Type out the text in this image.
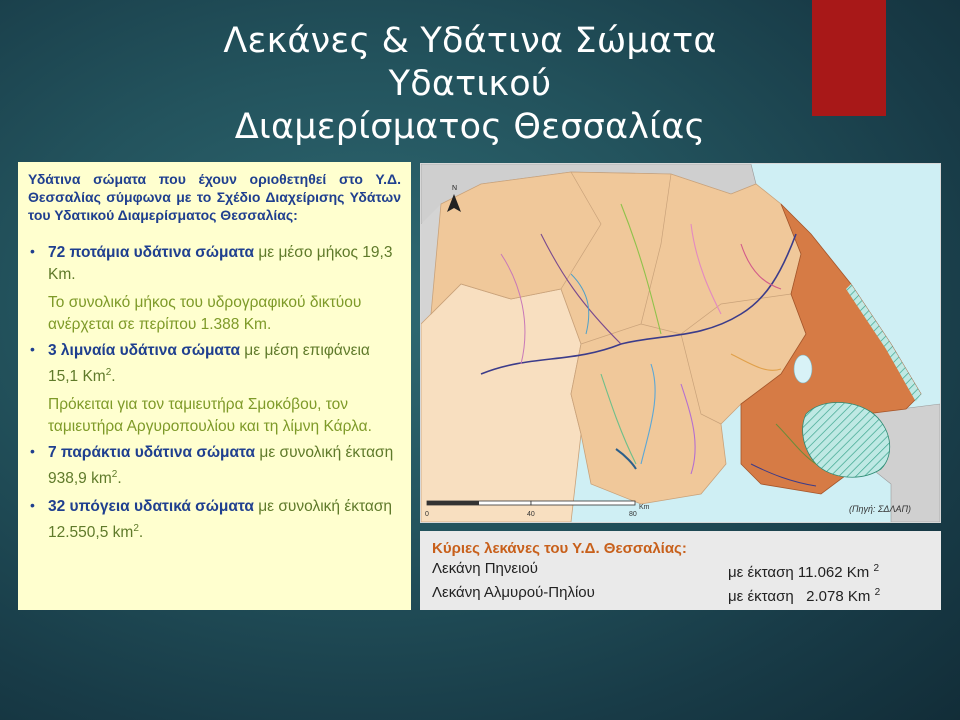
Λεκάνες & Υδάτινα Σώματα Υδατικού
Διαμερίσματος Θεσσαλίας

Υδάτινα σώματα που έχουν οριοθετηθεί στο Υ.Δ. Θεσσαλίας σύμφωνα με το Σχέδιο Διαχείρισης Υδάτων του Υδατικού Διαμερίσματος Θεσσαλίας:

• 72 ποτάμια υδάτινα σώματα με μέσο μήκος 19,3 Km.
Το συνολικό μήκος του υδρογραφικού δικτύου ανέρχεται σε περίπου 1.388 Km.
• 3 λιμναία υδάτινα σώματα με μέση επιφάνεια 15,1 Km$^2$.
Πρόκειται για τον ταμιευτήρα Σμοκόβου, τον ταμιευτήρα Αργυροπουλίου και τη λίμνη Κάρλα.
• 7 παράκτια υδάτινα σώματα με συνολική έκταση 938,9 $km^2$.
• 32 υπόγεια υδατικά σώματα με συνολική έκταση 12.550,5 $km^2$.
N
0	40	80
Km	(Πηγή: ΣΔΛΑΠ)
Κύριες λεκάνες του Υ.Δ. Θεσσαλίας:
Λεκάνη Πηνειού	με έκταση 11.062 Km $^2$
Λεκάνη Αλμυρού-Πηλίου	με έκταση   2.078 Km $^2$
